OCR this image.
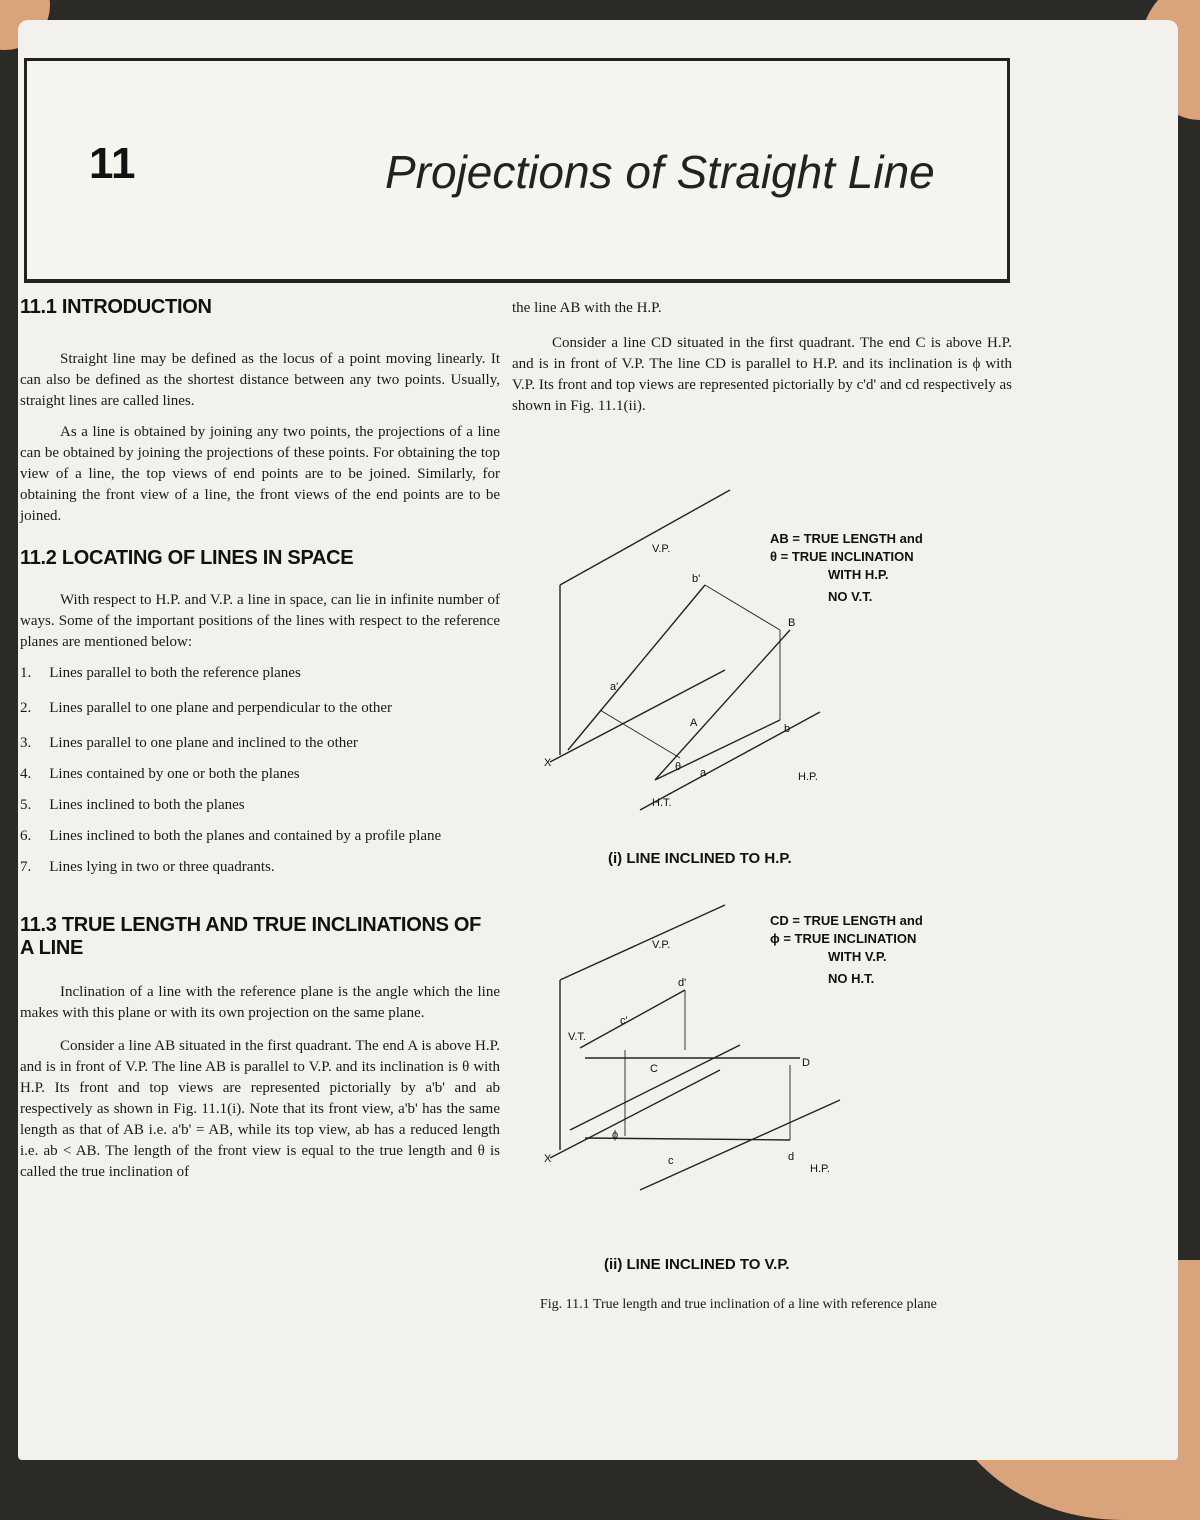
11	Projections of Straight Line
11.1 INTRODUCTION

Straight line may be defined as the locus of a point moving linearly. It can also be defined as the shortest distance between any two points. Usually, straight lines are called lines.

As a line is obtained by joining any two points, the projections of a line can be obtained by joining the projections of these points. For obtaining the top view of a line, the top views of end points are to be joined. Similarly, for obtaining the front view of a line, the front views of the end points are to be joined.

11.2 LOCATING OF LINES IN SPACE

With respect to H.P. and V.P. a line in space, can lie in infinite number of ways. Some of the important positions of the lines with respect to the reference planes are mentioned below:

1. Lines parallel to both the reference planes
2. Lines parallel to one plane and perpendicular to the other
3. Lines parallel to one plane and inclined to the other
4. Lines contained by one or both the planes
5. Lines inclined to both the planes
6. Lines inclined to both the planes and contained by a profile plane
7. Lines lying in two or three quadrants.
11.3 TRUE LENGTH AND TRUE INCLINATIONS OF A LINE

Inclination of a line with the reference plane is the angle which the line makes with this plane or with its own projection on the same plane.

Consider a line AB situated in the first quadrant. The end A is above H.P. and is in front of V.P. The line AB is parallel to V.P. and its inclination is θ with H.P. Its front and top views are represented pictorially by a'b' and ab respectively as shown in Fig. 11.1(i). Note that its front view, a'b' has the same length as that of AB i.e. a'b' = AB, while its top view, ab has a reduced length i.e. ab < AB. The length of the front view is equal to the true length and θ is called the true inclination of

the line AB with the H.P.

Consider a line CD situated in the first quadrant. The end C is above H.P. and is in front of V.P. The line CD is parallel to H.P. and its inclination is ϕ with V.P. Its front and top views are represented pictorially by c'd' and cd respectively as shown in Fig. 11.1(ii).

V.P.
b'
B
a'
A	b
a
θ
X
H.T.
H.P.
AB = TRUE LENGTH and
θ = TRUE INCLINATION
WITH H.P.
NO V.T.
(i) LINE INCLINED TO H.P.
V.P.
d'
V.T.
c'
C	D
ϕ
c	d
X
H.P.
CD = TRUE LENGTH and
ϕ = TRUE INCLINATION
WITH V.P.
NO H.T.
(ii) LINE INCLINED TO V.P.
Fig. 11.1 True length and true inclination of a line with reference plane
